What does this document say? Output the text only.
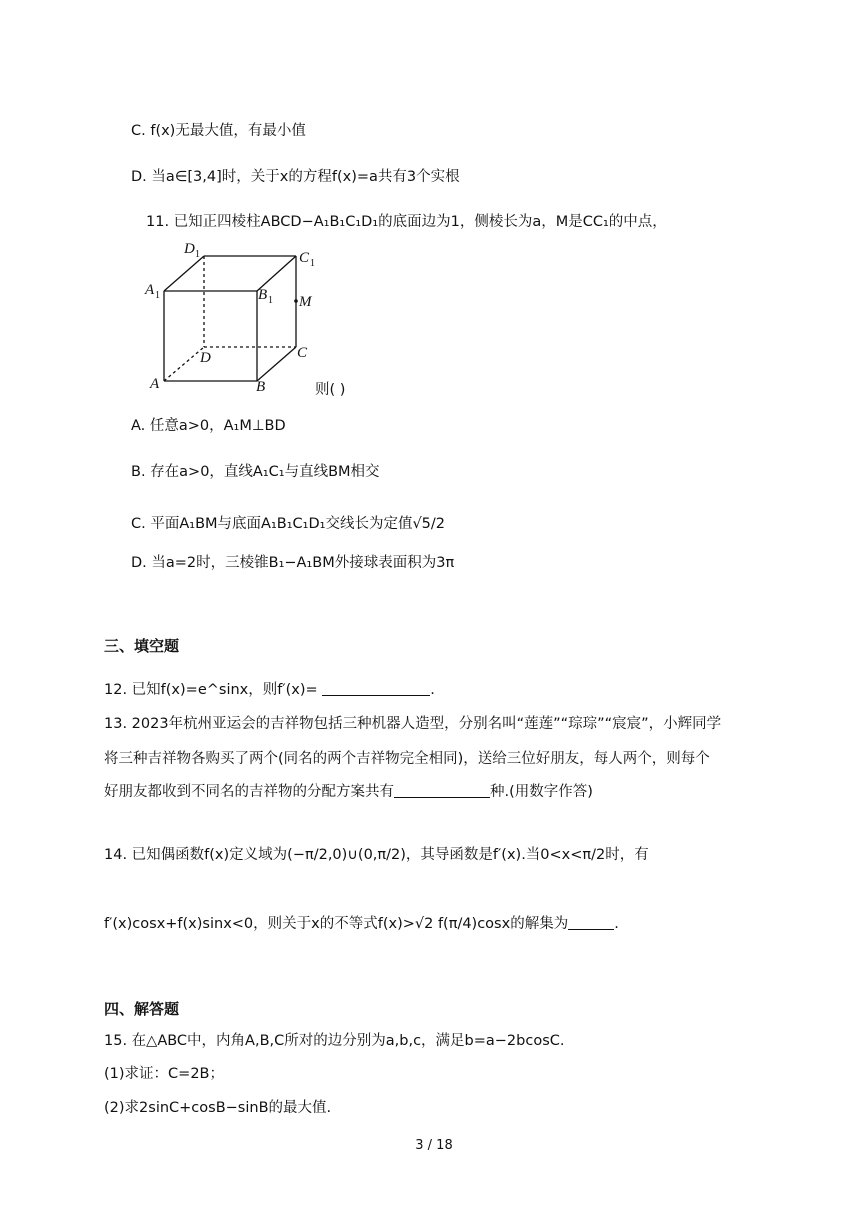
C. f(x)无最大值，有最小值
D. 当a∈[3,4]时，关于x的方程f(x)=a共有3个实根
11. 已知正四棱柱ABCD−A₁B₁C₁D₁的底面边为1，侧棱长为a，M是CC₁的中点，
D 1	C 1
A 1	B 1 M
D	C
A	B	则( )
A. 任意a>0，A₁M⊥BD
B. 存在a>0，直线A₁C₁与直线BM相交
C. 平面A₁BM与底面A₁B₁C₁D₁交线长为定值√5/2
D. 当a=2时，三棱锥B₁−A₁BM外接球表面积为3π
三、填空题
12. 已知f(x)=e^sinx，则f′(x)=	.
13. 2023年杭州亚运会的吉祥物包括三种机器人造型，分别名叫“莲莲”“琮琮”“宸宸”，小辉同学
将三种吉祥物各购买了两个(同名的两个吉祥物完全相同)，送给三位好朋友，每人两个，则每个
好朋友都收到不同名的吉祥物的分配方案共有	种.(用数字作答)
14. 已知偶函数f(x)定义域为(−π/2,0)∪(0,π/2)，其导函数是f′(x).当0<x<π/2时，有
f′(x)cosx+f(x)sinx<0，则关于x的不等式f(x)>√2 f(π/4)cosx的解集为	.
四、解答题
15. 在△ABC中，内角A,B,C所对的边分别为a,b,c，满足b=a−2bcosC.
(1)求证：C=2B；
(2)求2sinC+cosB−sinB的最大值.
3 / 18
